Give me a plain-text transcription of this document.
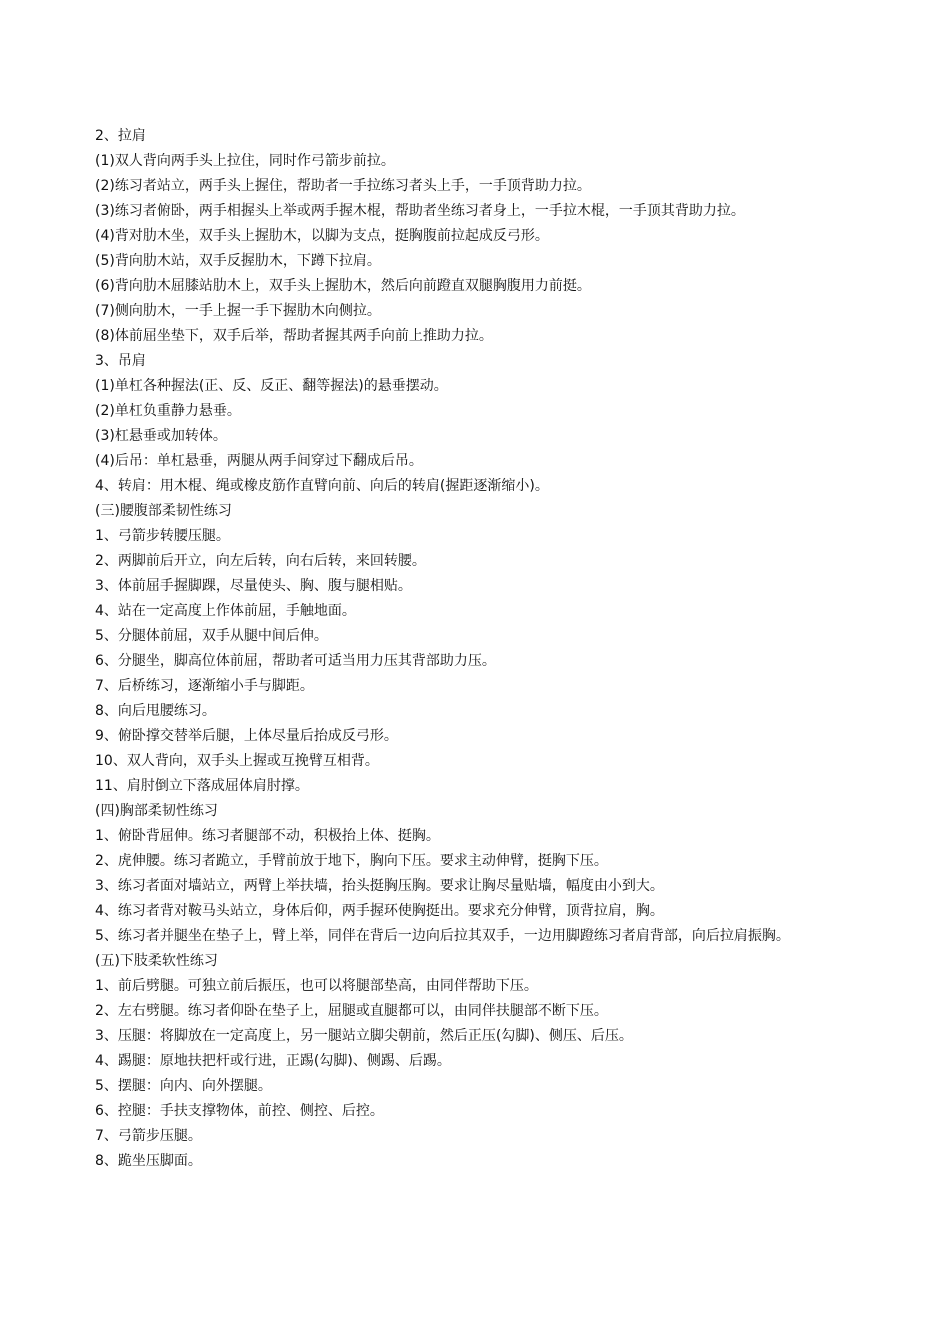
2、拉肩

(1)双人背向两手头上拉住，同时作弓箭步前拉。

(2)练习者站立，两手头上握住，帮助者一手拉练习者头上手，一手顶背助力拉。

(3)练习者俯卧，两手相握头上举或两手握木棍，帮助者坐练习者身上，一手拉木棍，一手顶其背助力拉。

(4)背对肋木坐，双手头上握肋木，以脚为支点，挺胸腹前拉起成反弓形。

(5)背向肋木站，双手反握肋木，下蹲下拉肩。

(6)背向肋木屈膝站肋木上，双手头上握肋木，然后向前蹬直双腿胸腹用力前挺。

(7)侧向肋木，一手上握一手下握肋木向侧拉。

(8)体前屈坐垫下，双手后举，帮助者握其两手向前上推助力拉。

3、吊肩

(1)单杠各种握法(正、反、反正、翻等握法)的悬垂摆动。

(2)单杠负重静力悬垂。

(3)杠悬垂或加转体。

(4)后吊：单杠悬垂，两腿从两手间穿过下翻成后吊。

4、转肩：用木棍、绳或橡皮筋作直臂向前、向后的转肩(握距逐渐缩小)。

(三)腰腹部柔韧性练习

1、弓箭步转腰压腿。

2、两脚前后开立，向左后转，向右后转，来回转腰。

3、体前屈手握脚踝，尽量使头、胸、腹与腿相贴。

4、站在一定高度上作体前屈，手触地面。

5、分腿体前屈，双手从腿中间后伸。

6、分腿坐，脚高位体前屈，帮助者可适当用力压其背部助力压。

7、后桥练习，逐渐缩小手与脚距。

8、向后甩腰练习。

9、俯卧撑交替举后腿，上体尽量后抬成反弓形。

10、双人背向，双手头上握或互挽臂互相背。

11、肩肘倒立下落成屈体肩肘撑。

(四)胸部柔韧性练习

1、俯卧背屈伸。练习者腿部不动，积极抬上体、挺胸。

2、虎伸腰。练习者跪立，手臂前放于地下，胸向下压。要求主动伸臂，挺胸下压。

3、练习者面对墙站立，两臂上举扶墙，抬头挺胸压胸。要求让胸尽量贴墙，幅度由小到大。

4、练习者背对鞍马头站立，身体后仰，两手握环使胸挺出。要求充分伸臂，顶背拉肩，胸。

5、练习者并腿坐在垫子上，臂上举，同伴在背后一边向后拉其双手，一边用脚蹬练习者肩背部，向后拉肩振胸。

(五)下肢柔软性练习

1、前后劈腿。可独立前后振压，也可以将腿部垫高，由同伴帮助下压。

2、左右劈腿。练习者仰卧在垫子上，屈腿或直腿都可以，由同伴扶腿部不断下压。

3、压腿：将脚放在一定高度上，另一腿站立脚尖朝前，然后正压(勾脚)、侧压、后压。

4、踢腿：原地扶把杆或行进，正踢(勾脚)、侧踢、后踢。

5、摆腿：向内、向外摆腿。

6、控腿：手扶支撑物体，前控、侧控、后控。

7、弓箭步压腿。

8、跪坐压脚面。
